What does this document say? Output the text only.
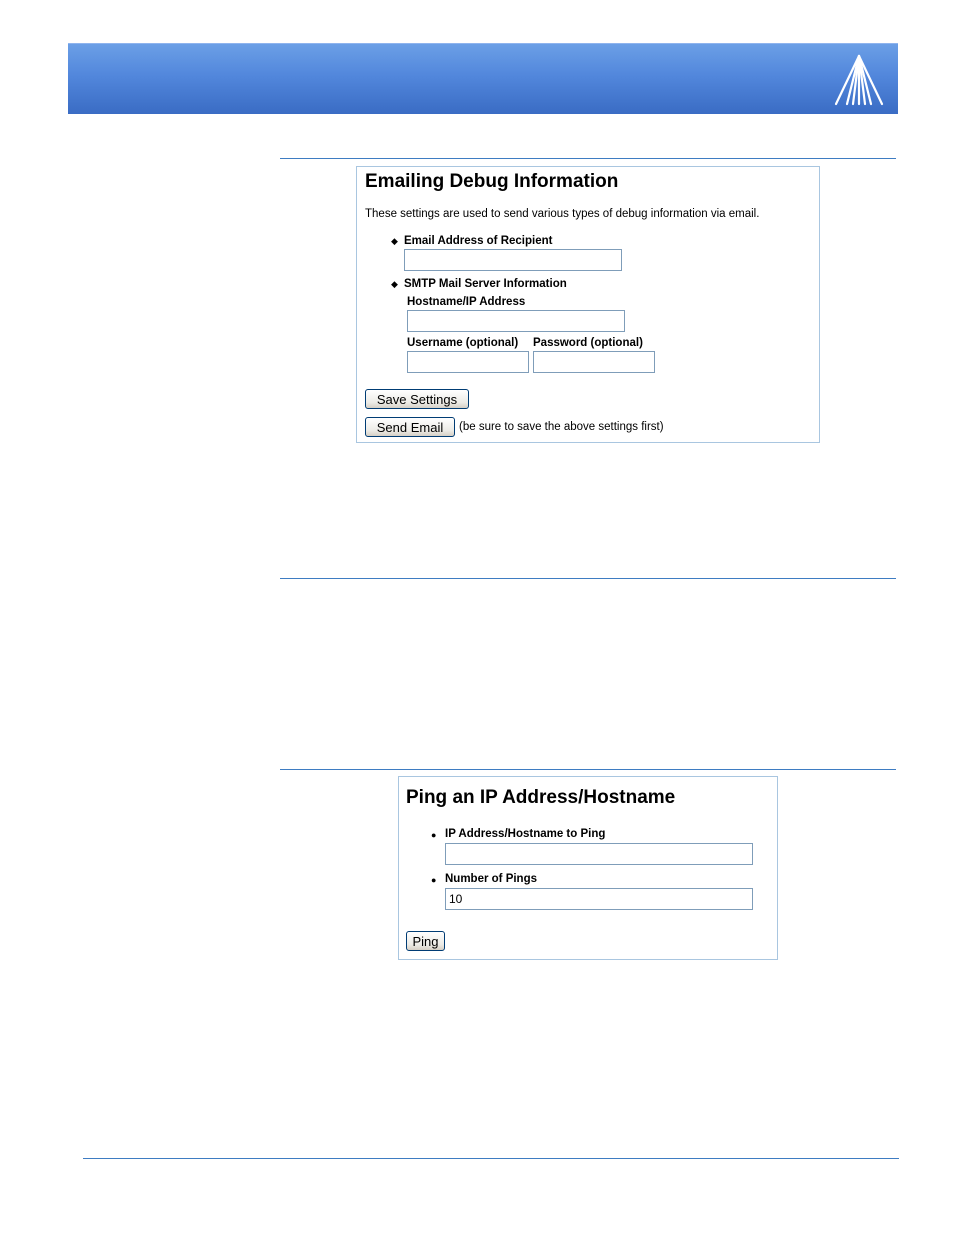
Emailing Debug Information
These settings are used to send various types of debug information via email.
◆ Email Address of Recipient
◆ SMTP Mail Server Information
Hostname/IP Address
Username (optional) Password (optional)
Save Settings
Send Email	(be sure to save the above settings first)
Ping an IP Address/Hostname
● IP Address/Hostname to Ping
● Number of Pings
10
Ping
